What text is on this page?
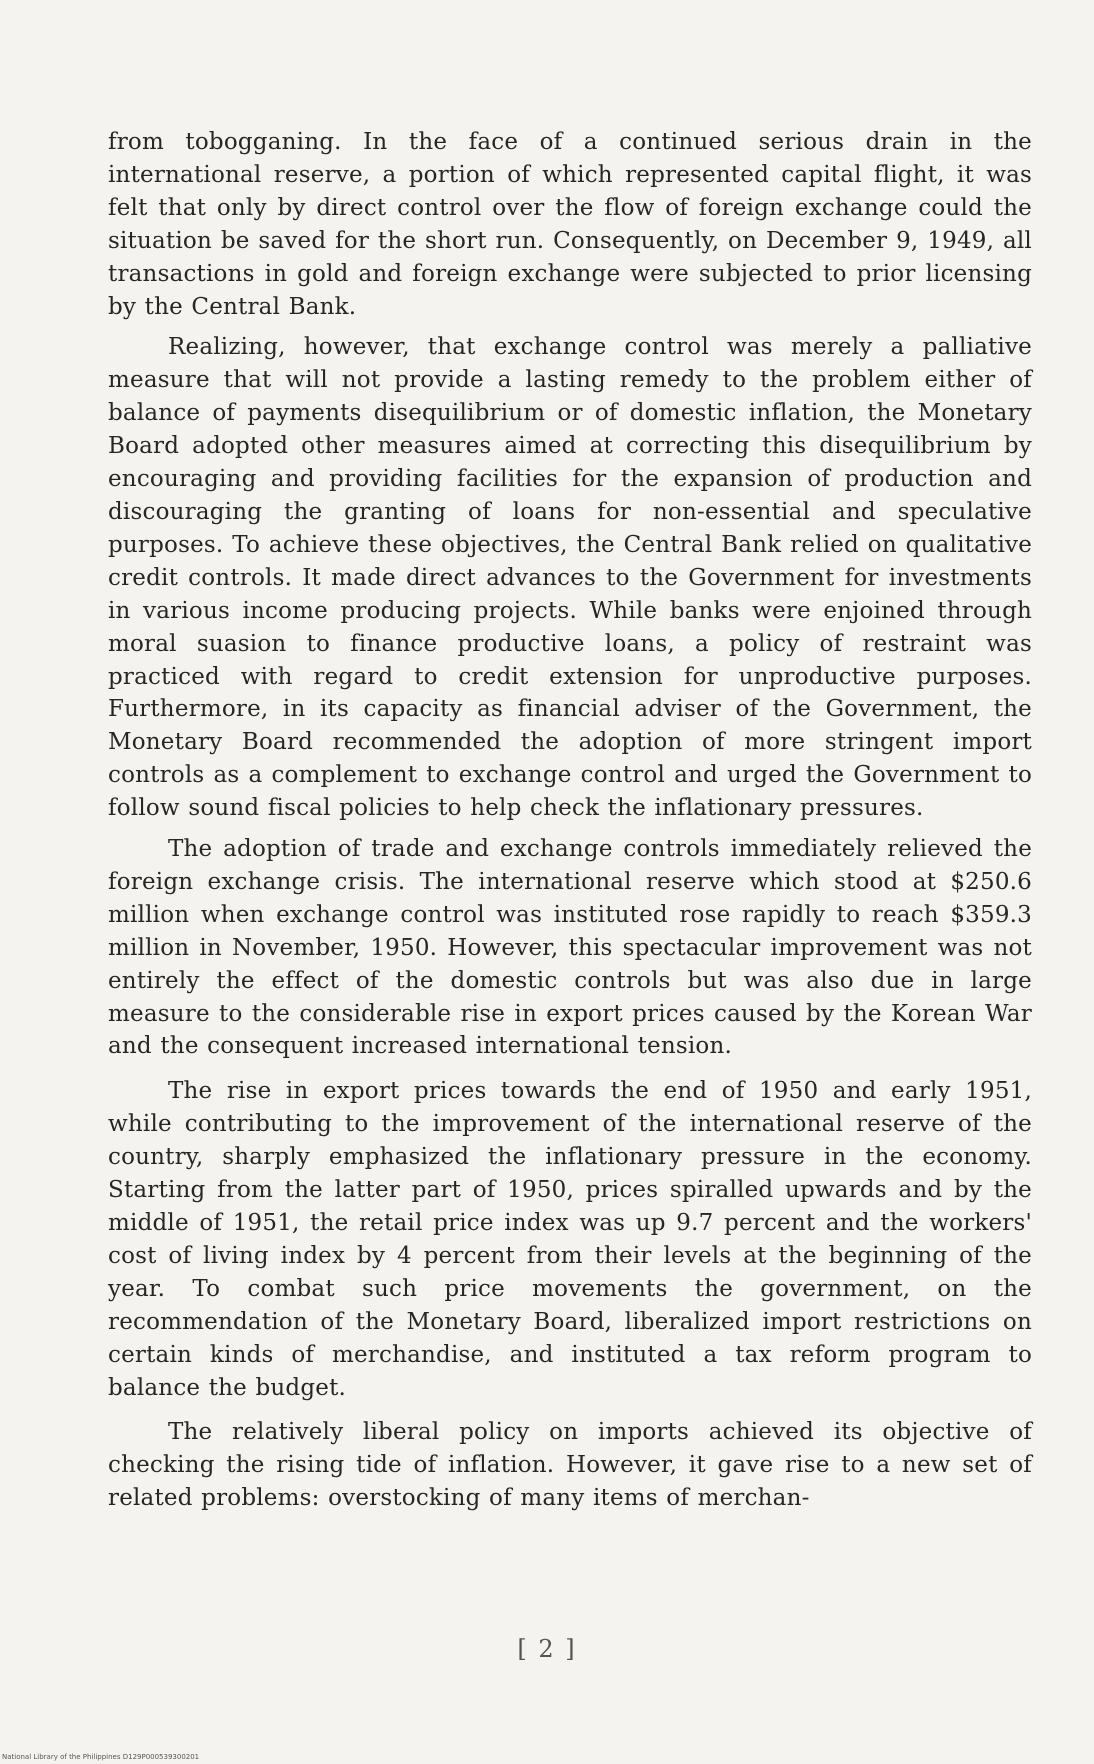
from tobogganing. In the face of a continued serious drain in the international reserve, a portion of which represented capital flight, it was felt that only by direct control over the flow of foreign exchange could the situation be saved for the short run. Consequently, on December 9, 1949, all transactions in gold and foreign exchange were subjected to prior licensing by the Central Bank.

Realizing, however, that exchange control was merely a palliative measure that will not provide a lasting remedy to the problem either of balance of payments disequilibrium or of domestic inflation, the Monetary Board adopted other measures aimed at correcting this disequilibrium by encouraging and providing facilities for the expansion of production and discouraging the granting of loans for non-essential and speculative purposes. To achieve these objectives, the Central Bank relied on qualitative credit controls. It made direct advances to the Government for investments in various income producing projects. While banks were enjoined through moral suasion to finance productive loans, a policy of restraint was practiced with regard to credit extension for unproductive purposes. Furthermore, in its capacity as financial adviser of the Government, the Monetary Board recommended the adoption of more stringent import controls as a complement to exchange control and urged the Government to follow sound fiscal policies to help check the inflationary pressures.

The adoption of trade and exchange controls immediately relieved the foreign exchange crisis. The international reserve which stood at $250.6 million when exchange control was instituted rose rapidly to reach $359.3 million in November, 1950. However, this spectacular improvement was not entirely the effect of the domestic controls but was also due in large measure to the considerable rise in export prices caused by the Korean War and the consequent increased international tension.

The rise in export prices towards the end of 1950 and early 1951, while contributing to the improvement of the international reserve of the country, sharply emphasized the inflationary pressure in the economy. Starting from the latter part of 1950, prices spiralled upwards and by the middle of 1951, the retail price index was up 9.7 percent and the workers' cost of living index by 4 percent from their levels at the beginning of the year. To combat such price movements the government, on the recommendation of the Monetary Board, liberalized import restrictions on certain kinds of merchandise, and instituted a tax reform program to balance the budget.

The relatively liberal policy on imports achieved its objective of checking the rising tide of inflation. However, it gave rise to a new set of related problems: overstocking of many items of merchan-

[ 2 ]
National Library of the Philippines D129P000539300201
